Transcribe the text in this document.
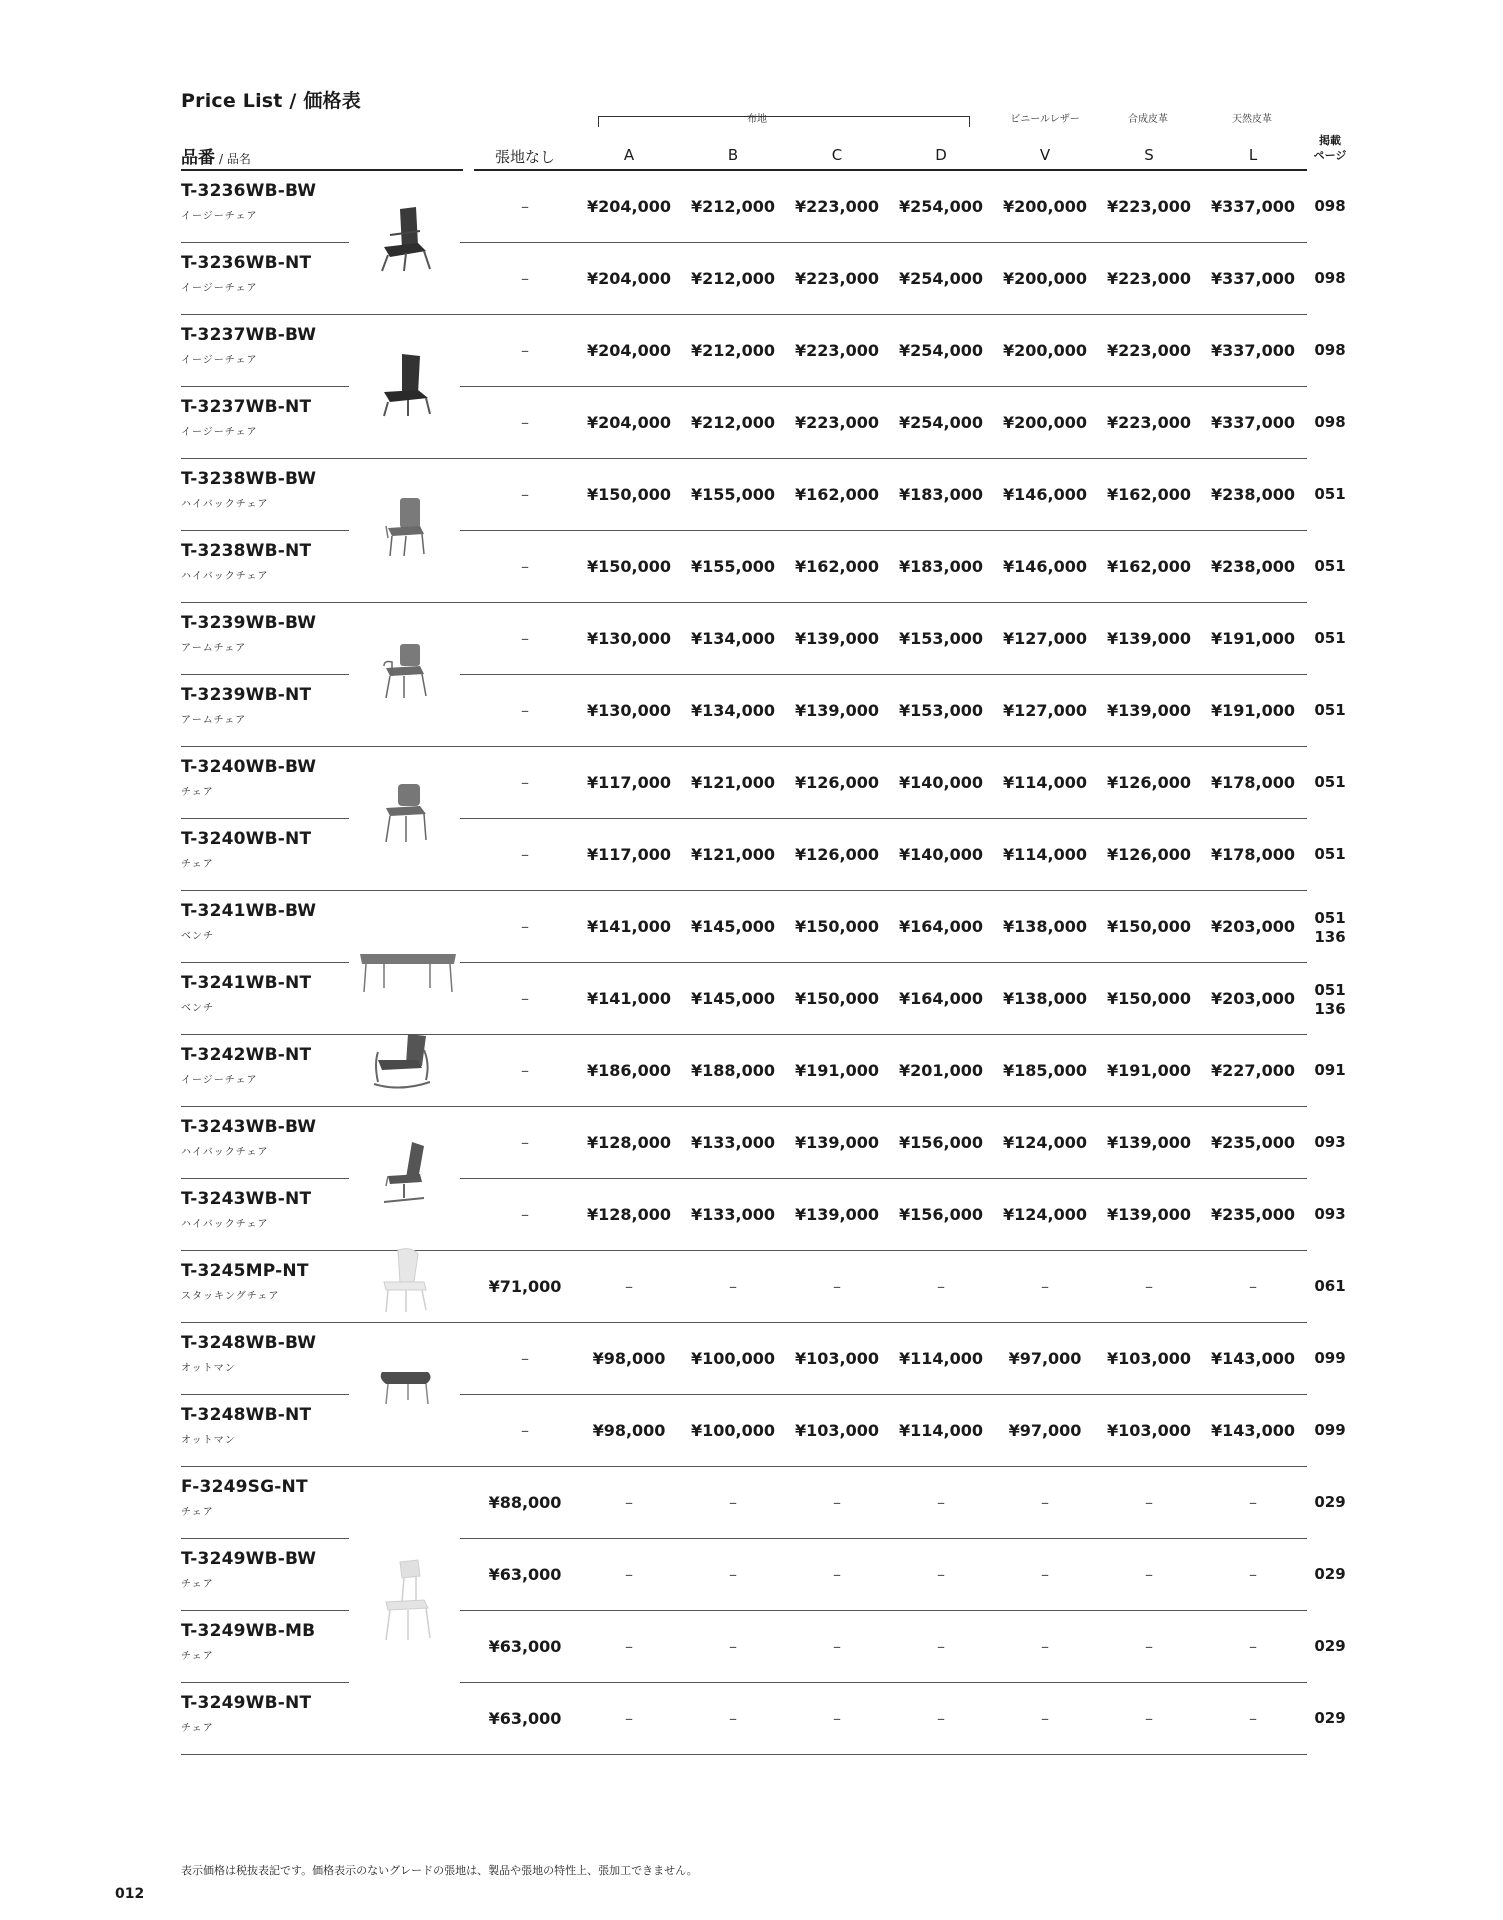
Price List / 価格表
布地	ビニールレザー	合成皮革	天然皮革
品番 / 品名	張地なし	A	B	C	D	V	S	L
掲載
ページ
T-3236WB-BW
イージーチェア
–	¥204,000	¥212,000	¥223,000	¥254,000	¥200,000	¥223,000	¥337,000	098
T-3236WB-NT
イージーチェア
–	¥204,000	¥212,000	¥223,000	¥254,000	¥200,000	¥223,000	¥337,000	098
T-3237WB-BW
イージーチェア
–	¥204,000	¥212,000	¥223,000	¥254,000	¥200,000	¥223,000	¥337,000	098
T-3237WB-NT
イージーチェア
–	¥204,000	¥212,000	¥223,000	¥254,000	¥200,000	¥223,000	¥337,000	098
T-3238WB-BW
ハイバックチェア
–	¥150,000	¥155,000	¥162,000	¥183,000	¥146,000	¥162,000	¥238,000	051
T-3238WB-NT
ハイバックチェア
–	¥150,000	¥155,000	¥162,000	¥183,000	¥146,000	¥162,000	¥238,000	051
T-3239WB-BW
アームチェア
–	¥130,000	¥134,000	¥139,000	¥153,000	¥127,000	¥139,000	¥191,000	051
T-3239WB-NT
アームチェア
–	¥130,000	¥134,000	¥139,000	¥153,000	¥127,000	¥139,000	¥191,000	051
T-3240WB-BW
チェア
–	¥117,000	¥121,000	¥126,000	¥140,000	¥114,000	¥126,000	¥178,000	051
T-3240WB-NT
チェア
–	¥117,000	¥121,000	¥126,000	¥140,000	¥114,000	¥126,000	¥178,000	051
T-3241WB-BW
ベンチ
–	¥141,000	¥145,000	¥150,000	¥164,000	¥138,000	¥150,000	¥203,000	051
136
T-3241WB-NT
ベンチ
–	¥141,000	¥145,000	¥150,000	¥164,000	¥138,000	¥150,000	¥203,000	051
136
T-3242WB-NT
イージーチェア
–	¥186,000	¥188,000	¥191,000	¥201,000	¥185,000	¥191,000	¥227,000	091
T-3243WB-BW
ハイバックチェア
–	¥128,000	¥133,000	¥139,000	¥156,000	¥124,000	¥139,000	¥235,000	093
T-3243WB-NT
ハイバックチェア
–	¥128,000	¥133,000	¥139,000	¥156,000	¥124,000	¥139,000	¥235,000	093
T-3245MP-NT
スタッキングチェア
¥71,000	–	–	–	–	–	–	–	061
T-3248WB-BW
オットマン
–	¥98,000	¥100,000	¥103,000	¥114,000	¥97,000	¥103,000	¥143,000	099
T-3248WB-NT
オットマン
–	¥98,000	¥100,000	¥103,000	¥114,000	¥97,000	¥103,000	¥143,000	099
F-3249SG-NT
チェア
¥88,000	–	–	–	–	–	–	–	029
T-3249WB-BW
チェア
¥63,000	–	–	–	–	–	–	–	029
T-3249WB-MB
チェア
¥63,000	–	–	–	–	–	–	–	029
T-3249WB-NT
チェア
¥63,000	–	–	–	–	–	–	–	029
表示価格は税抜表記です。価格表示のないグレードの張地は、製品や張地の特性上、張加工できません。
012
